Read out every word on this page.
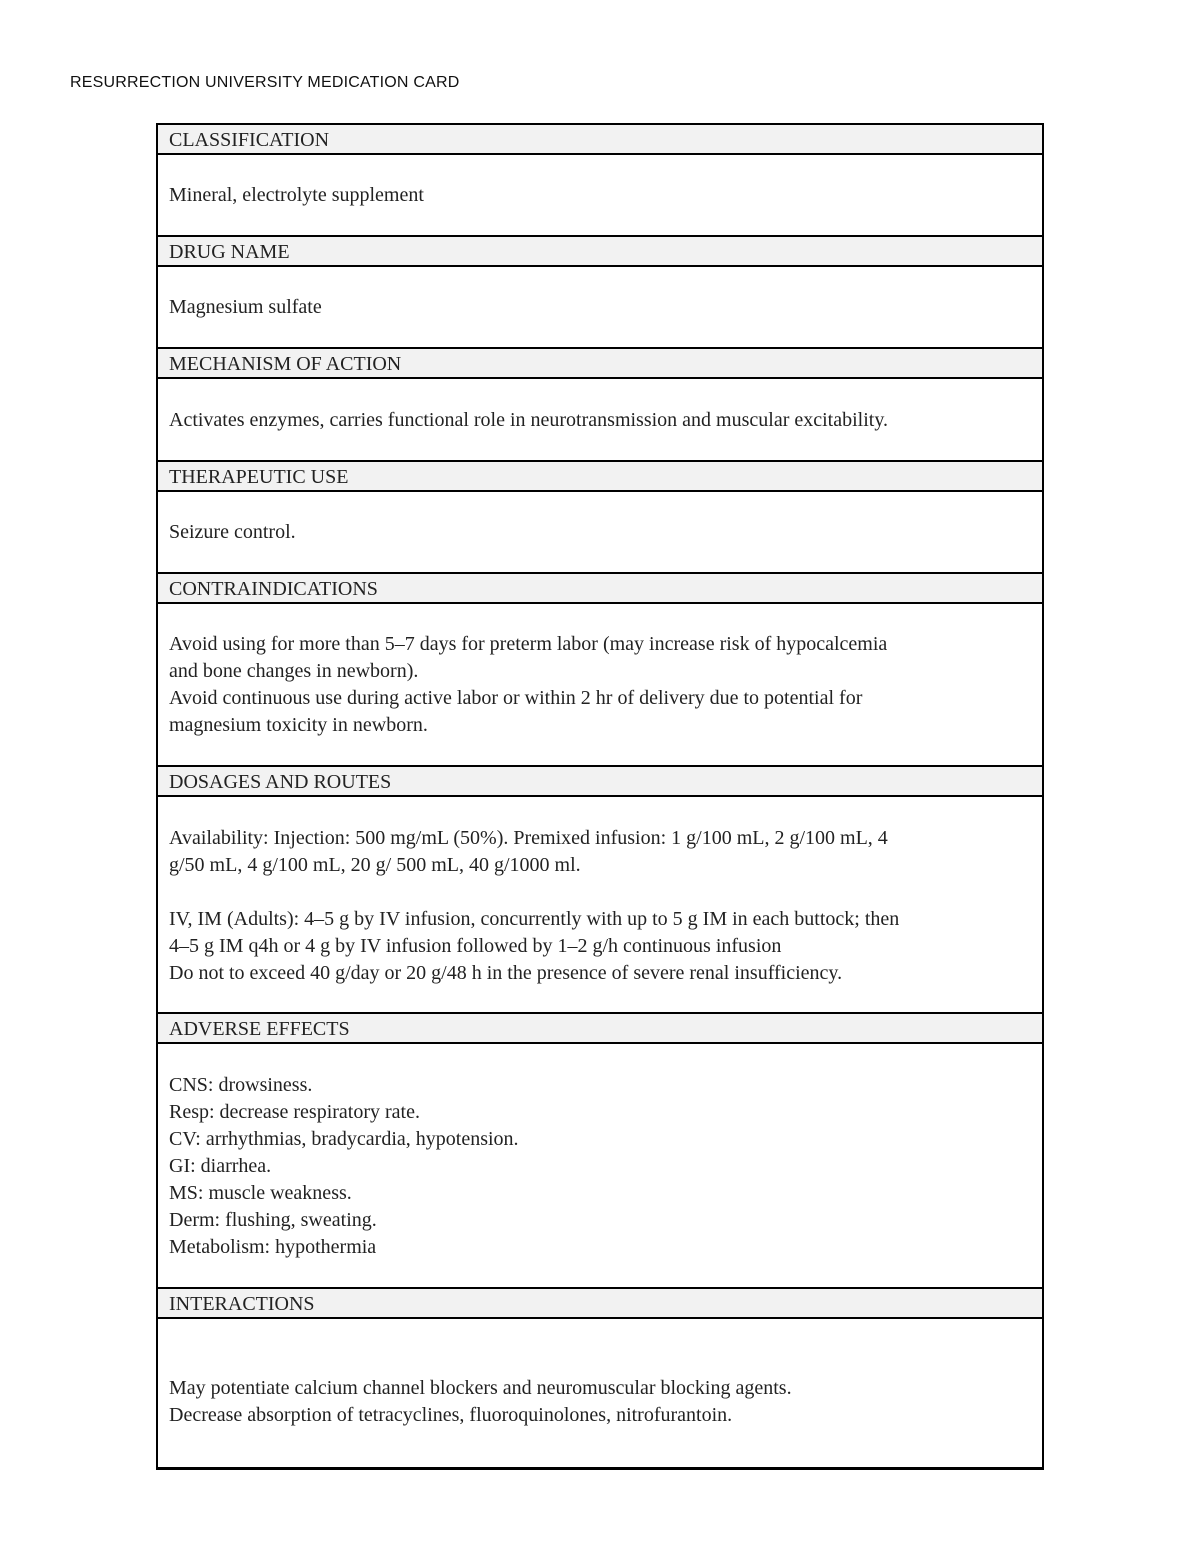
RESURRECTION UNIVERSITY MEDICATION CARD
CLASSIFICATION
Mineral, electrolyte supplement
DRUG NAME
Magnesium sulfate
MECHANISM OF ACTION
Activates enzymes, carries functional role in neurotransmission and muscular excitability.
THERAPEUTIC USE
Seizure control.
CONTRAINDICATIONS
Avoid using for more than 5–7 days for preterm labor (may increase risk of hypocalcemia
and bone changes in newborn).
Avoid continuous use during active labor or within 2 hr of delivery due to potential for
magnesium toxicity in newborn.
DOSAGES AND ROUTES
Availability: Injection: 500 mg/mL (50%). Premixed infusion: 1 g/100 mL, 2 g/100 mL, 4
g/50 mL, 4 g/100 mL, 20 g/ 500 mL, 40 g/1000 ml.
IV, IM (Adults): 4–5 g by IV infusion, concurrently with up to 5 g IM in each buttock; then
4–5 g IM q4h or 4 g by IV infusion followed by 1–2 g/h continuous infusion
Do not to exceed 40 g/day or 20 g/48 h in the presence of severe renal insufficiency.
ADVERSE EFFECTS
CNS: drowsiness.
Resp: decrease respiratory rate.
CV: arrhythmias, bradycardia, hypotension.
GI: diarrhea.
MS: muscle weakness.
Derm: flushing, sweating.
Metabolism: hypothermia
INTERACTIONS
May potentiate calcium channel blockers and neuromuscular blocking agents.
Decrease absorption of tetracyclines, fluoroquinolones, nitrofurantoin.
